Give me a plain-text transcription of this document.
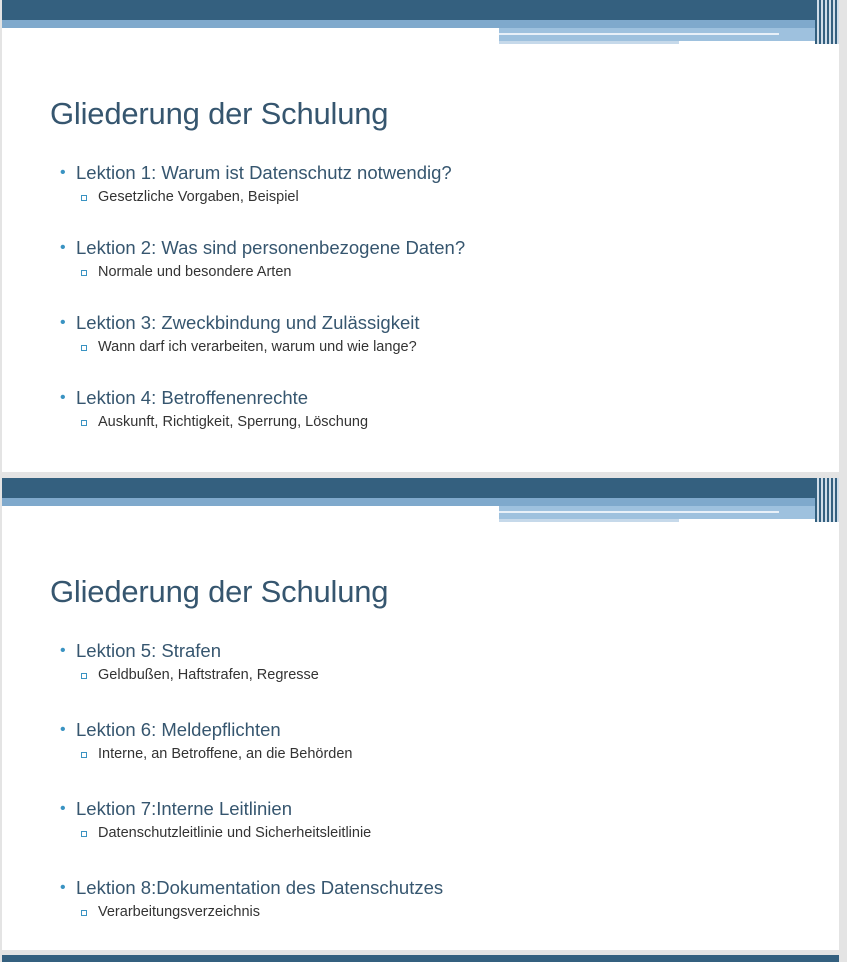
Gliederung der Schulung
• Lektion 1: Warum ist Datenschutz notwendig?
Gesetzliche Vorgaben, Beispiel
• Lektion 2: Was sind personenbezogene Daten?
Normale und besondere Arten
• Lektion 3: Zweckbindung und Zulässigkeit
Wann darf ich verarbeiten, warum und wie lange?
• Lektion 4: Betroffenenrechte
Auskunft, Richtigkeit, Sperrung, Löschung
Gliederung der Schulung
• Lektion 5: Strafen
Geldbußen, Haftstrafen, Regresse
• Lektion 6: Meldepflichten
Interne, an Betroffene, an die Behörden
• Lektion 7:Interne Leitlinien
Datenschutzleitlinie und Sicherheitsleitlinie
• Lektion 8:Dokumentation des Datenschutzes
Verarbeitungsverzeichnis
